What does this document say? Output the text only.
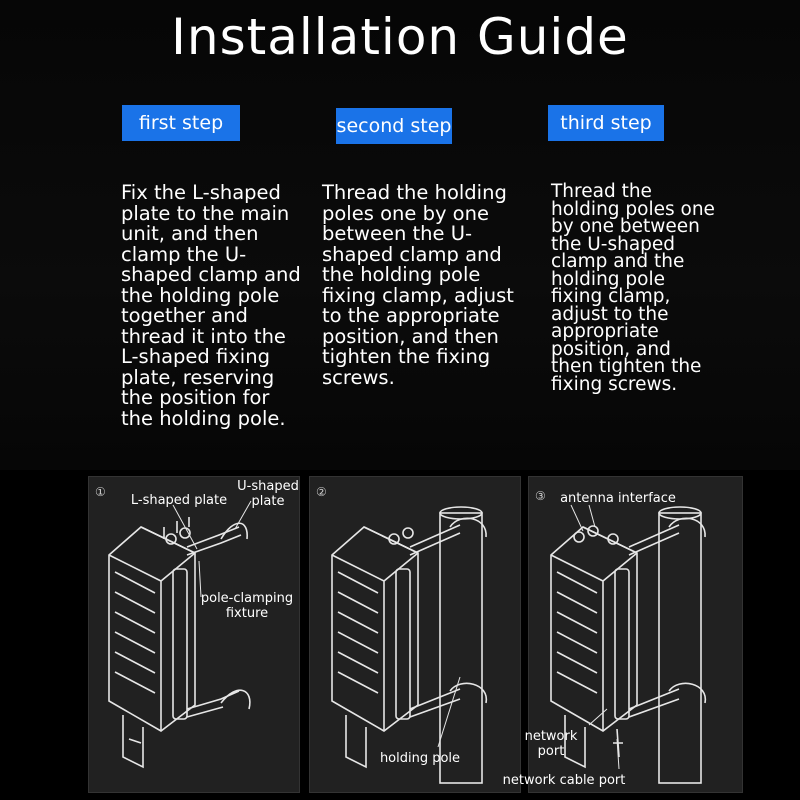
Installation Guide
first step	second step	third step
Fix the L-shaped plate to the main unit, and then clamp the U-shaped clamp and the holding pole together and thread it into the L-shaped fixing plate, reserving the position for the holding pole.
Thread the holding poles one by one between the U-shaped clamp and the holding pole fixing clamp, adjust to the appropriate position, and then tighten the fixing screws.
Thread the holding poles one by one between the U-shaped clamp and the holding pole fixing clamp, adjust to the appropriate position, and then tighten the fixing screws.
①
L-shaped plate
U-shaped plate
pole-clamping fixture
②
holding pole
③	antenna interface
network port
network cable port
